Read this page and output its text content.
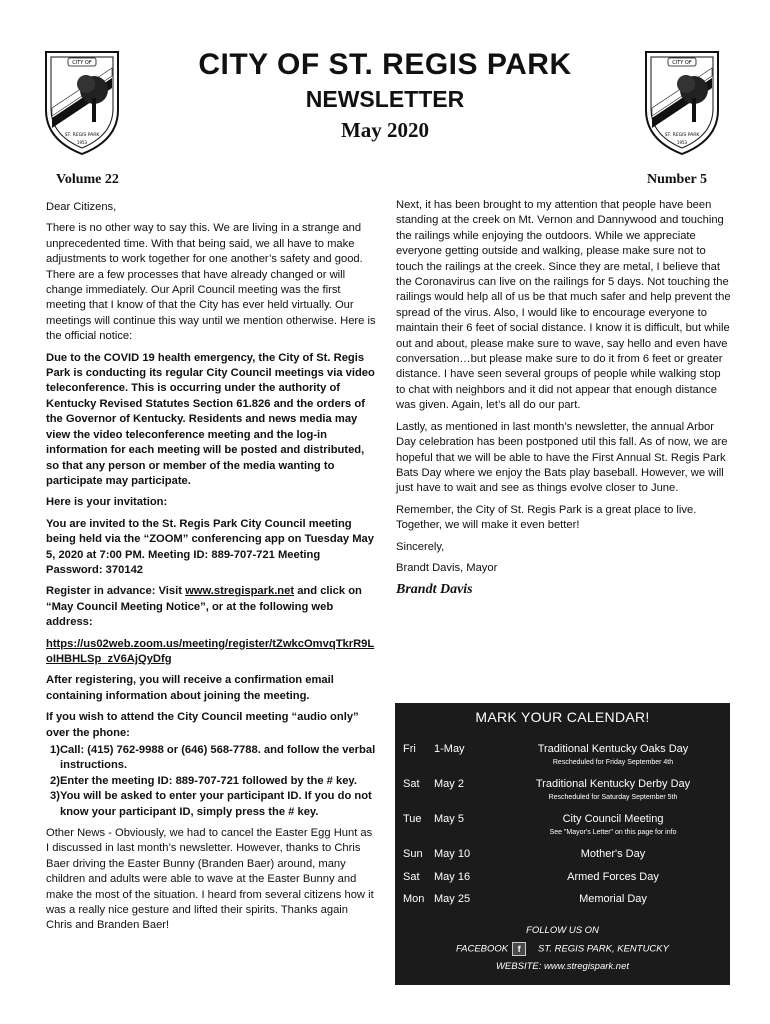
CITY OF
ST. REGIS PARK
1953
CITY OF
ST. REGIS PARK
1953
CITY OF ST. REGIS PARK
NEWSLETTER
May 2020
Volume 22	Number 5

Dear Citizens,

There is no other way to say this. We are living in a strange and unprecedented time. With that being said, we all have to make adjustments to work together for one another’s safety and good. There are a few processes that have already changed or will change immediately. Our April Council meeting was the first meeting that I know of that the City has ever held virtually. Our meetings will continue this way until we mention otherwise. Here is the official notice:

Due to the COVID 19 health emergency, the City of St. Regis Park is conducting its regular City Council meetings via video teleconference. This is occurring under the authority of Kentucky Revised Statutes Section 61.826 and the orders of the Governor of Kentucky. Residents and news media may view the video teleconference meeting and the log-in information for each meeting will be posted and distributed, so that any person or member of the media wanting to participate may participate.

Here is your invitation:

You are invited to the St. Regis Park City Council meeting being held via the “ZOOM” conferencing app on Tuesday May 5, 2020 at 7:00 PM. Meeting ID: 889-707-721 Meeting Password: 370142

Register in advance: Visit www.stregispark.net and click on “May Council Meeting Notice”, or at the following web address:

https://us02web.zoom.us/meeting/register/tZwkcOmvqTkrR9LoIHBHLSp_zV6AjQyDfg

After registering, you will receive a confirmation email containing information about joining the meeting.

If you wish to attend the City Council meeting “audio only” over the phone:

1)Call: (415) 762-9988 or (646) 568-7788. and follow the verbal instructions.

2)Enter the meeting ID: 889-707-721 followed by the # key.

3)You will be asked to enter your participant ID. If you do not know your participant ID, simply press the # key.

Other News - Obviously, we had to cancel the Easter Egg Hunt as I discussed in last month’s newsletter. However, thanks to Chris Baer driving the Easter Bunny (Branden Baer) around, many children and adults were able to wave at the Easter Bunny and make the most of the situation. I heard from several citizens how it was a really nice gesture and lifted their spirits. Thanks again Chris and Branden Baer!

Next, it has been brought to my attention that people have been standing at the creek on Mt. Vernon and Dannywood and touching the railings while enjoying the outdoors. While we appreciate everyone getting outside and walking, please make sure not to touch the railings at the creek. Since they are metal, I believe that the Coronavirus can live on the railings for 5 days. Not touching the railings would help all of us be that much safer and help prevent the spread of the virus. Also, I would like to encourage everyone to maintain their 6 feet of social distance. I know it is difficult, but while out and about, please make sure to wave, say hello and even have conversation…but please make sure to do it from 6 feet or greater distance. I have seen several groups of people while walking stop to chat with neighbors and it did not appear that enough distance was given. Again, let’s all do our part.

Lastly, as mentioned in last month’s newsletter, the annual Arbor Day celebration has been postponed util this fall. As of now, we are hopeful that we will be able to have the First Annual St. Regis Park Bats Day where we enjoy the Bats play baseball. However, we will just have to wait and see as things evolve closer to June.

Remember, the City of St. Regis Park is a great place to live. Together, we will make it even better!

Sincerely,

Brandt Davis, Mayor

Brandt Davis

MARK YOUR CALENDAR!
Fri 1-May	Traditional Kentucky Oaks Day
Rescheduled for Friday September 4th
Sat May 2	Traditional Kentucky Derby Day
Rescheduled for Saturday September 5th
Tue May 5	City Council Meeting
See "Mayor's Letter" on this page for info
Sun May 10	Mother's Day
Sat May 16	Armed Forces Day
Mon May 25	Memorial Day
FOLLOW US ON
FACEBOOK f ST. REGIS PARK, KENTUCKY
WEBSITE: www.stregispark.net
